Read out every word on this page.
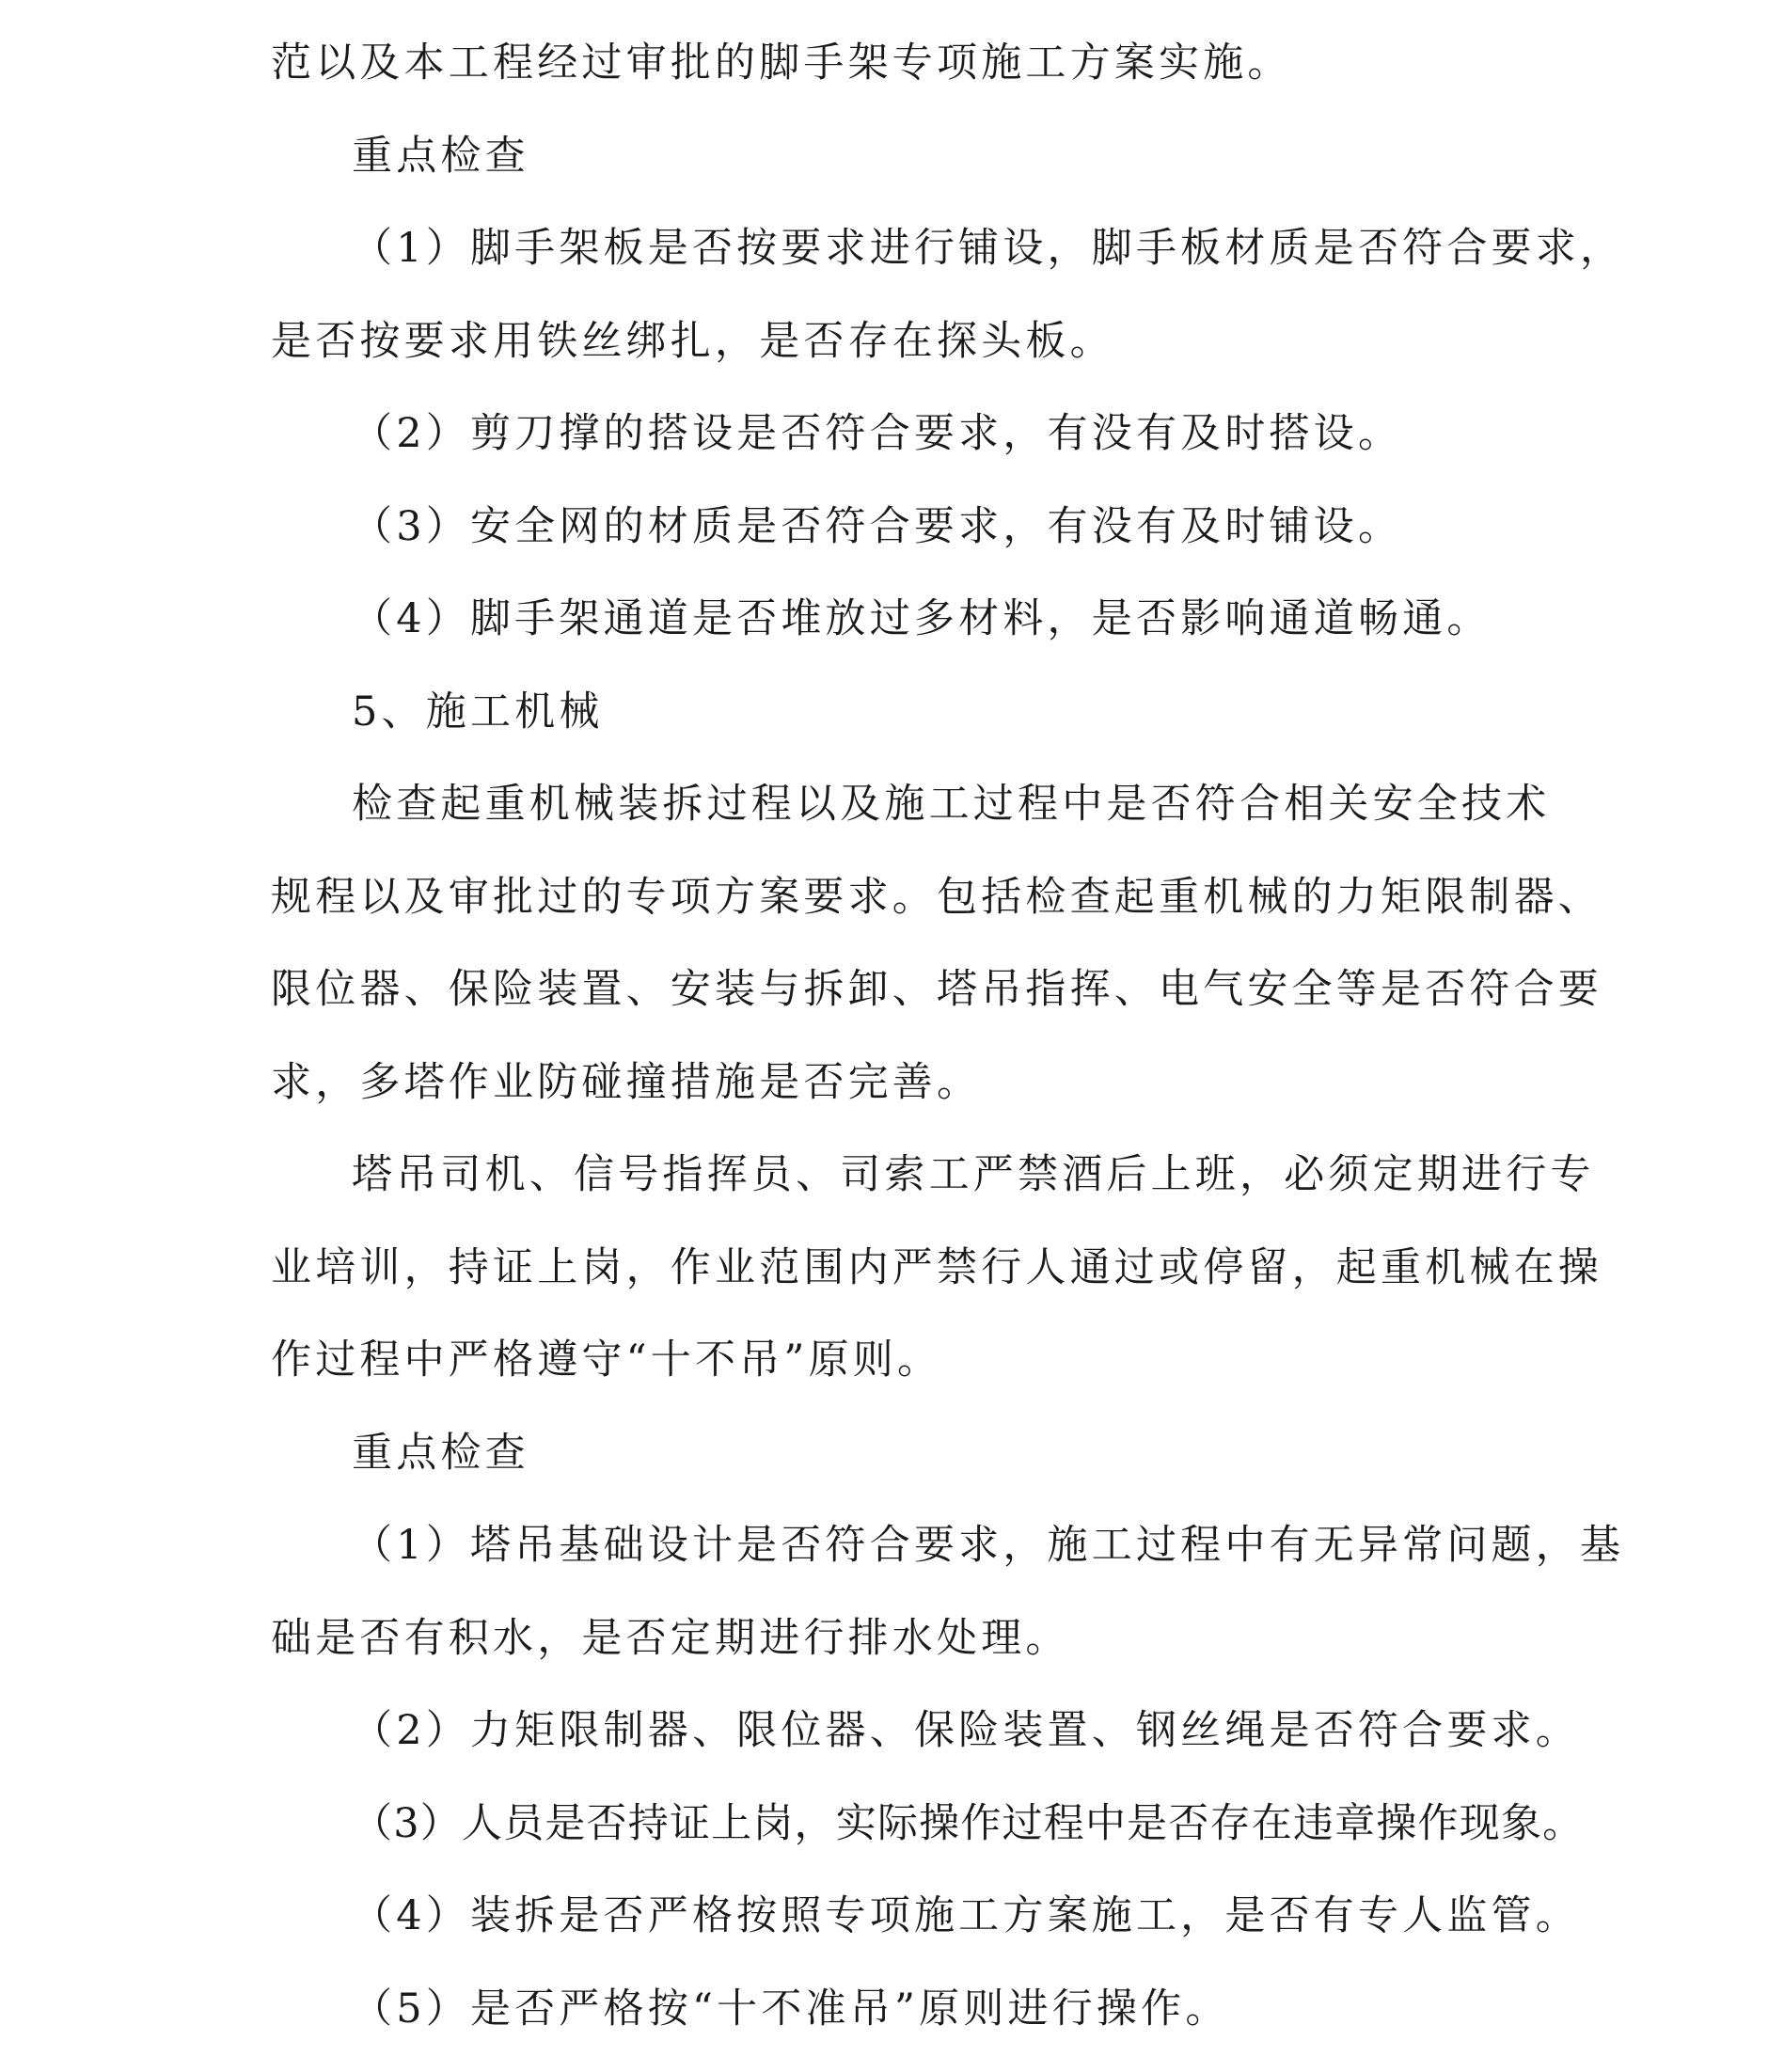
范以及本工程经过审批的脚手架专项施工方案实施。
重点检查
（1）脚手架板是否按要求进行铺设，脚手板材质是否符合要求，
是否按要求用铁丝绑扎，是否存在探头板。
（2）剪刀撑的搭设是否符合要求，有没有及时搭设。
（3）安全网的材质是否符合要求，有没有及时铺设。
（4）脚手架通道是否堆放过多材料，是否影响通道畅通。
5、施工机械
检查起重机械装拆过程以及施工过程中是否符合相关安全技术
规程以及审批过的专项方案要求。包括检查起重机械的力矩限制器、
限位器、保险装置、安装与拆卸、塔吊指挥、电气安全等是否符合要
求，多塔作业防碰撞措施是否完善。
塔吊司机、信号指挥员、司索工严禁酒后上班，必须定期进行专
业培训，持证上岗，作业范围内严禁行人通过或停留，起重机械在操
作过程中严格遵守“十不吊”原则。
重点检查
（1）塔吊基础设计是否符合要求，施工过程中有无异常问题，基
础是否有积水，是否定期进行排水处理。
（2）力矩限制器、限位器、保险装置、钢丝绳是否符合要求。
（3）人员是否持证上岗，实际操作过程中是否存在违章操作现象。
（4）装拆是否严格按照专项施工方案施工，是否有专人监管。
（5）是否严格按“十不准吊”原则进行操作。
